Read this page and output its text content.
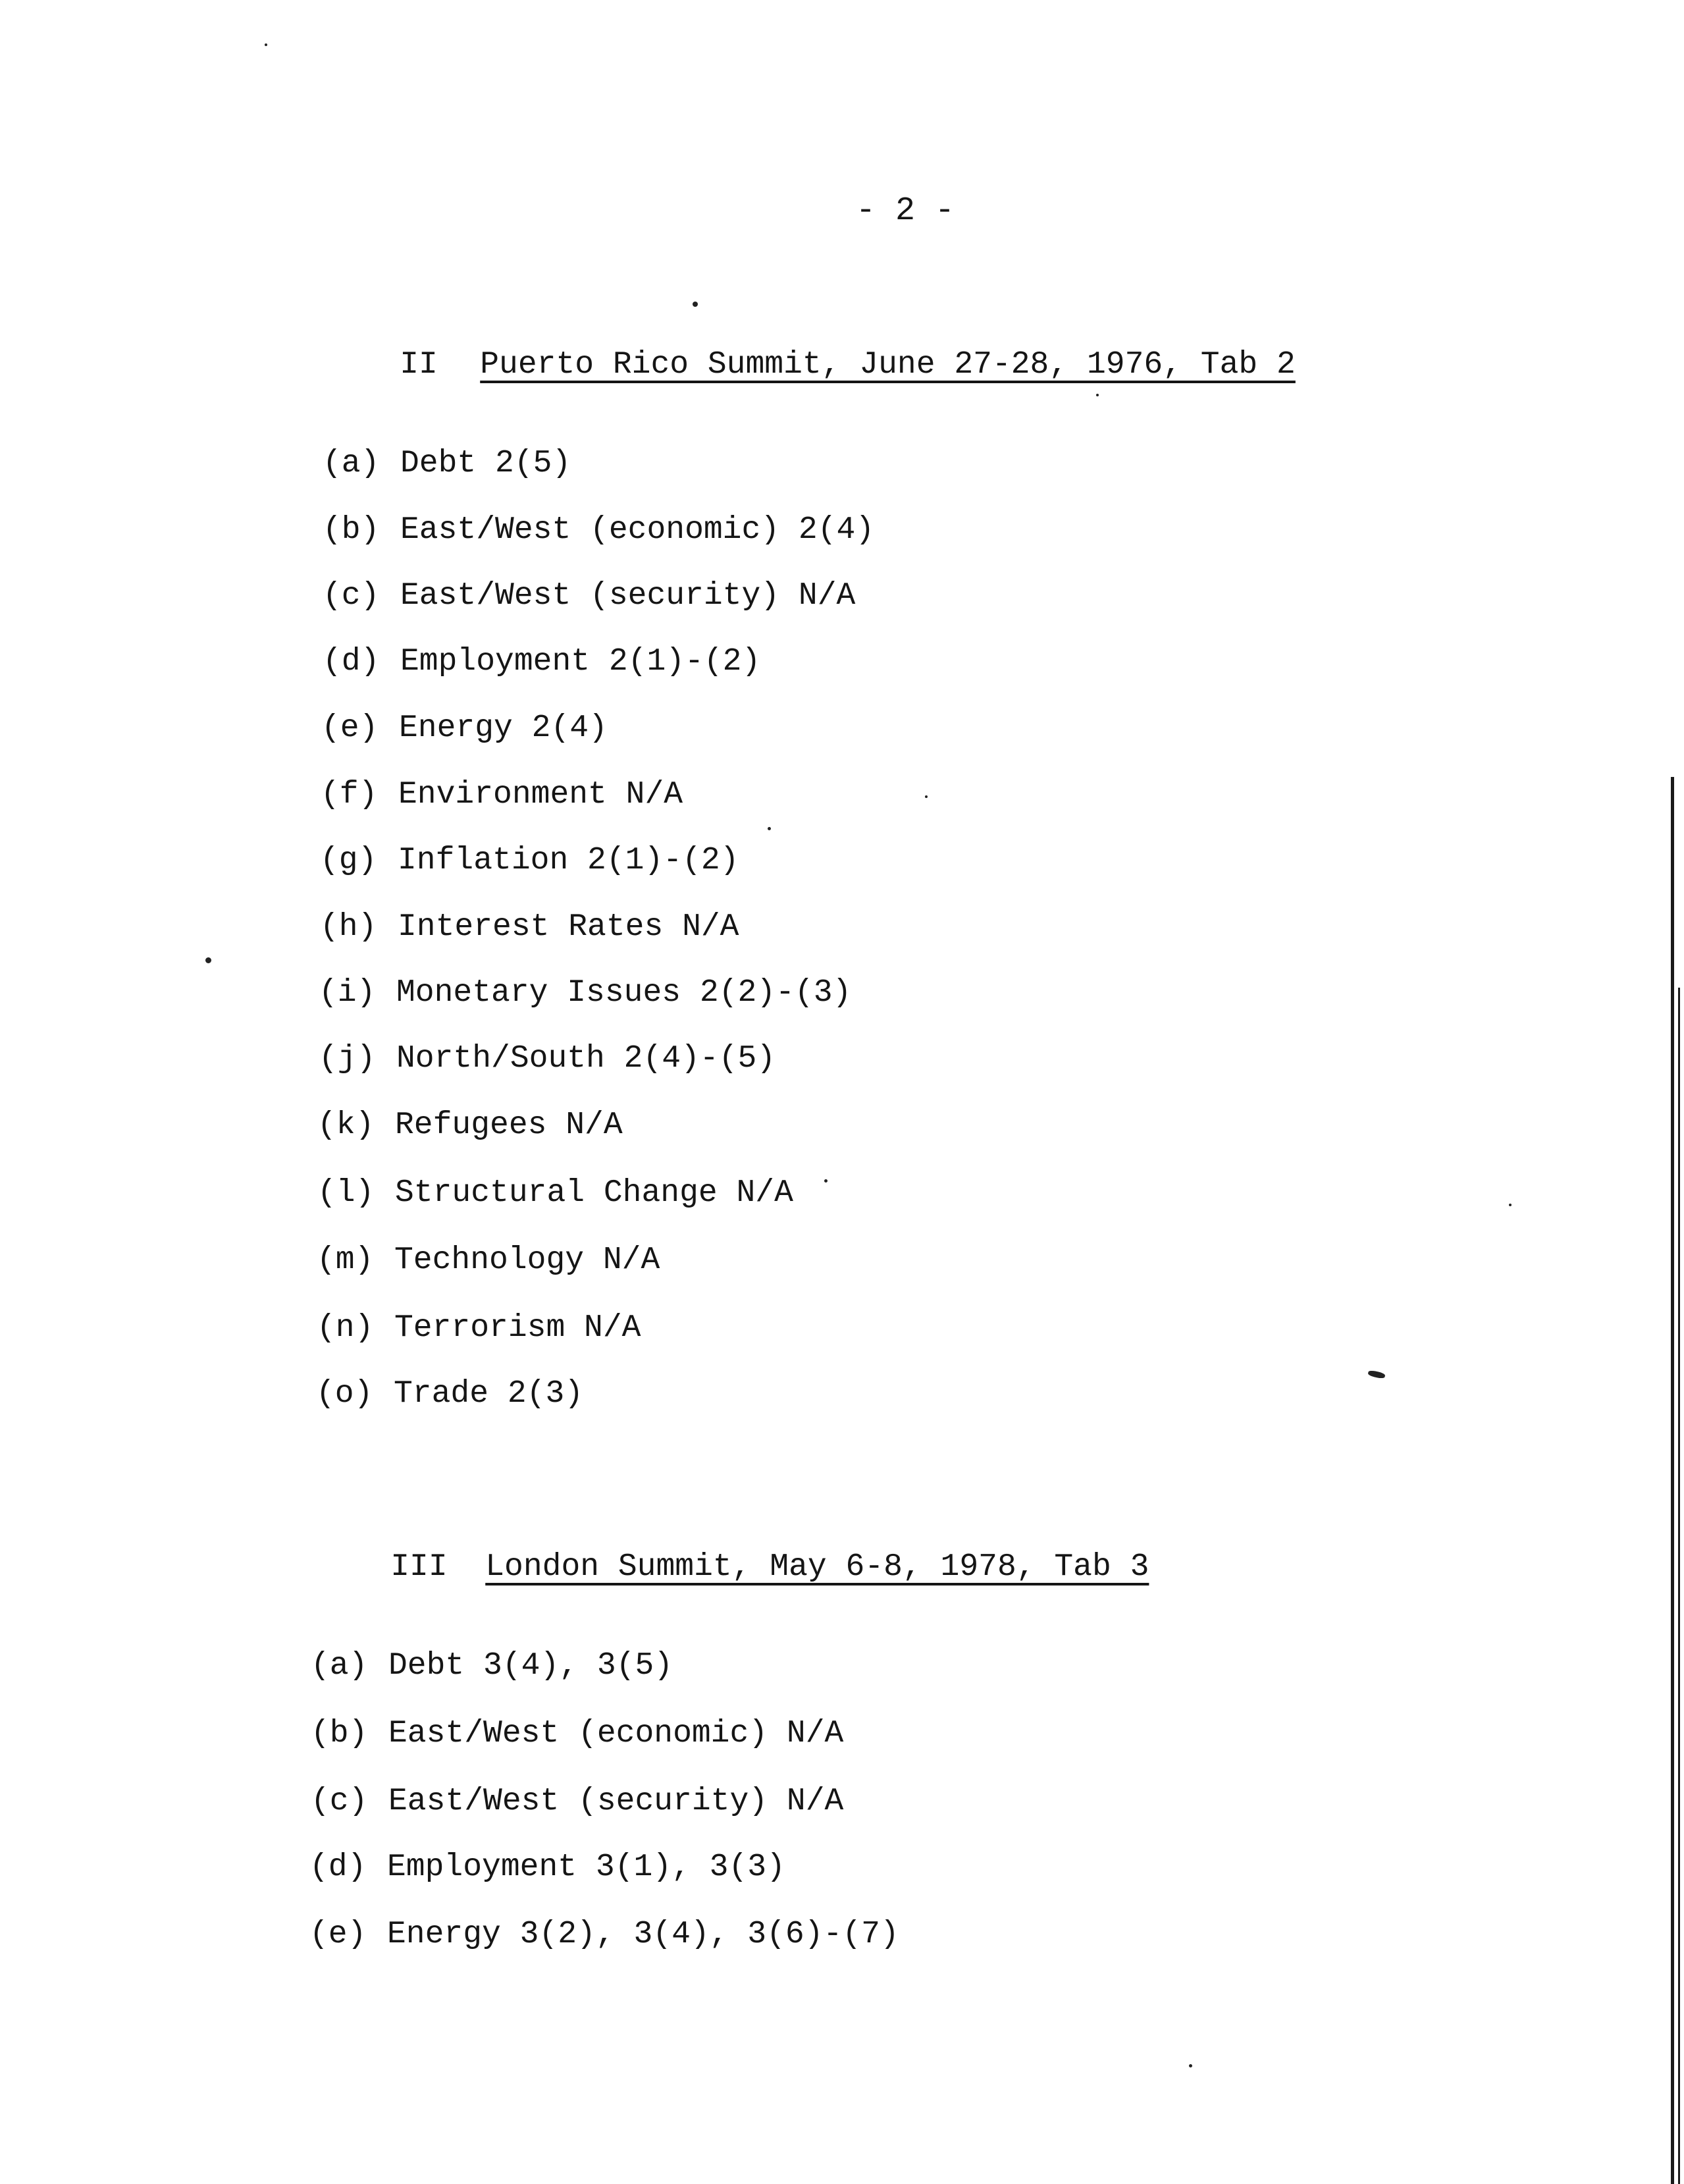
- 2 -

II Puerto Rico Summit, June 27-28, 1976, Tab 2

(a) Debt 2(5)
(b) East/West (economic) 2(4)
(c) East/West (security) N/A
(d) Employment 2(1)-(2)
(e) Energy 2(4)
(f) Environment N/A
(g) Inflation 2(1)-(2)
(h) Interest Rates N/A
(i) Monetary Issues 2(2)-(3)
(j) North/South 2(4)-(5)
(k) Refugees N/A
(l) Structural Change N/A
(m) Technology N/A
(n) Terrorism N/A
(o) Trade 2(3)

III London Summit, May 6-8, 1978, Tab 3

(a) Debt 3(4), 3(5)
(b) East/West (economic) N/A
(c) East/West (security) N/A
(d) Employment 3(1), 3(3)
(e) Energy 3(2), 3(4), 3(6)-(7)
